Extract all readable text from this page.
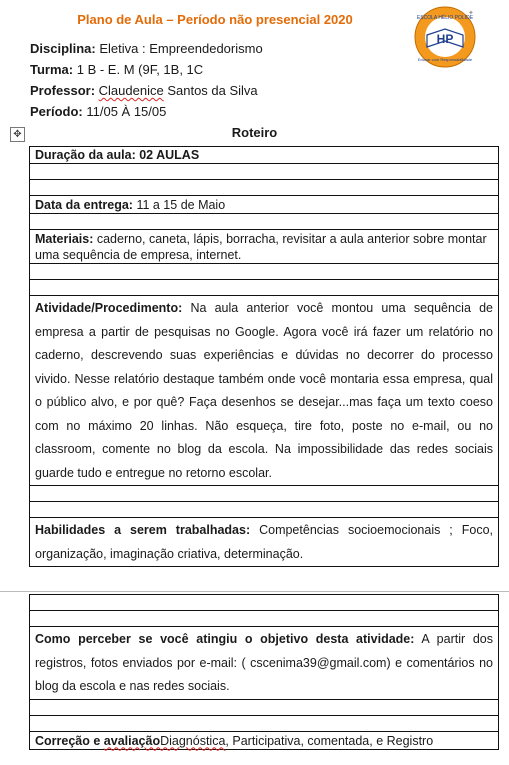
Plano de Aula – Período não presencial 2020
HP
ESCOLA HÉLIO POLIDE
Educar com Responsabilidade
✦
Disciplina: Eletiva : Empreendedorismo
Turma: 1 B - E. M (9F, 1B, 1C
Professor: Claudenice Santos da Silva
Período: 11/05 À 15/05
✥	Roteiro
Duração da aula: 02 AULAS
Data da entrega: 11 a 15 de Maio
Materiais: caderno, caneta, lápis, borracha, revisitar a aula anterior sobre montar uma sequência de empresa, internet.
Atividade/Procedimento: Na aula anterior você montou uma sequência de empresa a partir de pesquisas no Google. Agora você irá fazer um relatório no caderno, descrevendo suas experiências e dúvidas no decorrer do processo vivido. Nesse relatório destaque também onde você montaria essa empresa, qual o público alvo, e por quê? Faça desenhos se desejar...mas faça um texto coeso com no máximo 20 linhas. Não esqueça, tire foto, poste no e-mail, ou no classroom, comente no blog da escola. Na impossibilidade das redes sociais guarde tudo e entregue no retorno escolar.
Habilidades a serem trabalhadas: Competências socioemocionais ; Foco, organização, imaginação criativa, determinação.
Como perceber se você atingiu o objetivo desta atividade: A partir dos registros, fotos enviados por e-mail: ( cscenima39@gmail.com) e comentários no blog da escola e nas redes sociais.
Correção e avaliaçãoDiagnóstica, Participativa, comentada, e Registro
